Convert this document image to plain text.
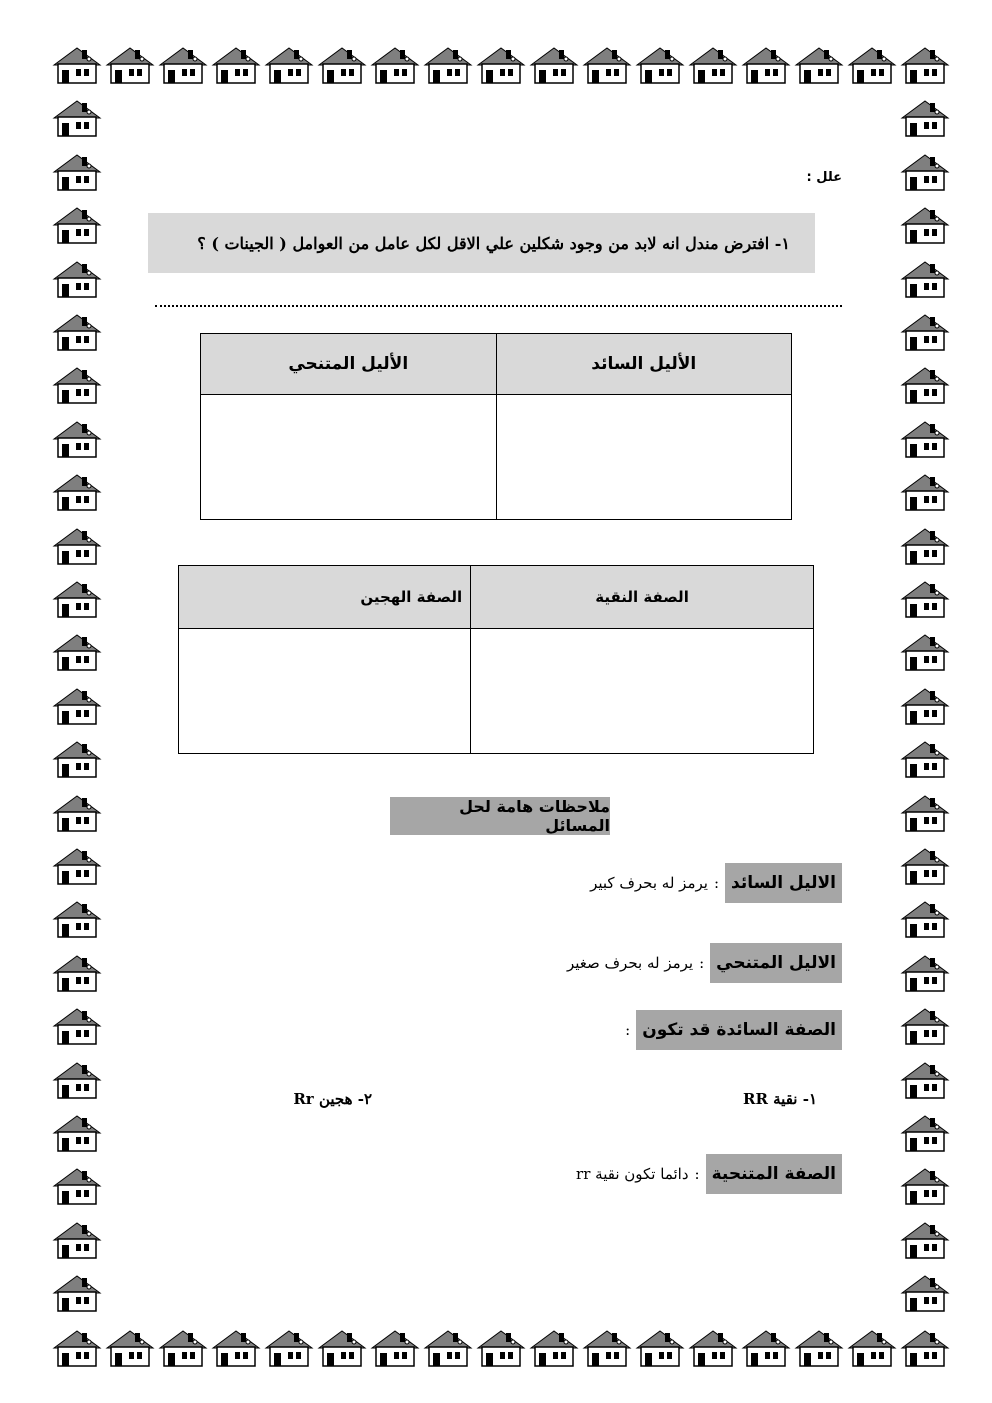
علل :
١- افترض مندل انه لابد من وجود شكلين علي الاقل لكل عامل من العوامل ( الجينات ) ؟
الأليل السائد	الأليل المتنحي

الصفة النقية	الصفة الهجين

ملاحظات هامة لحل المسائل
الاليل السائد
:
يرمز له بحرف كبير
الاليل المتنحي
:
يرمز له بحرف صغير
الصفة السائدة قد تكون
:
١- نقية RR
٢- هجين Rr
الصفة المتنحية
:
دائما تكون نقية rr
